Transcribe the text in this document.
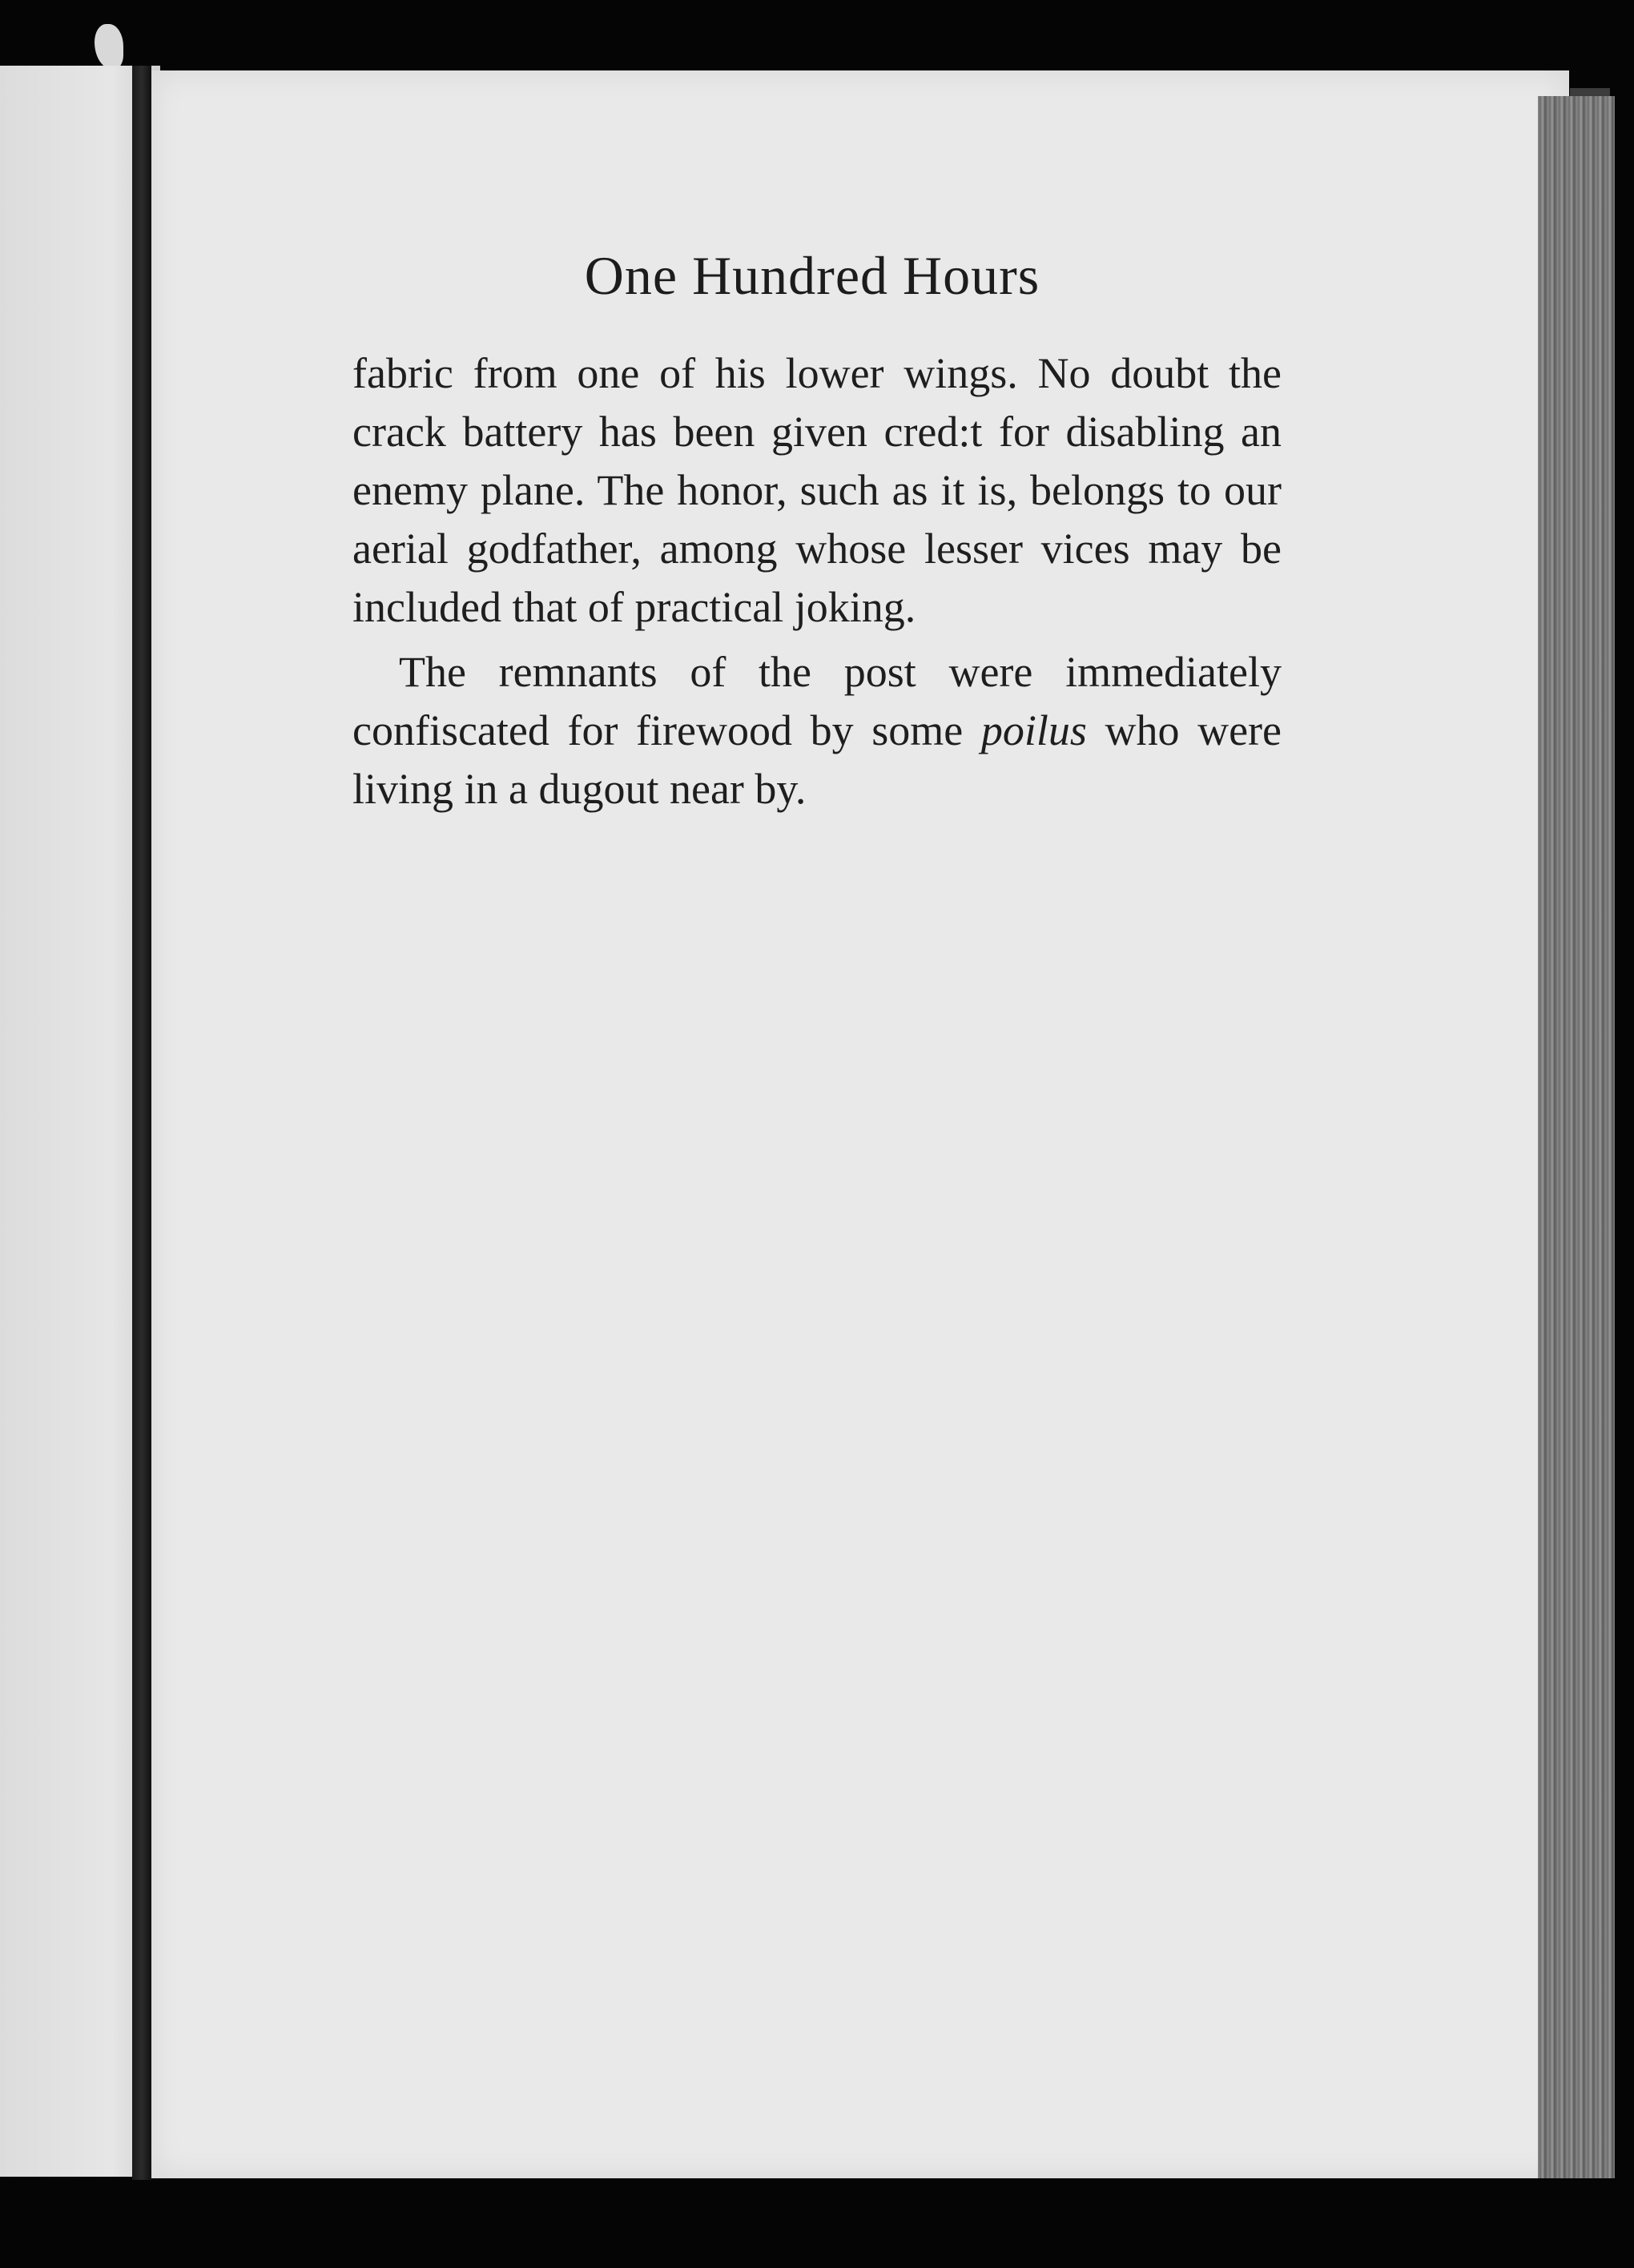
One Hundred Hours

fabric from one of his lower wings. No doubt the crack battery has been given cred:t for disabling an enemy plane. The honor, such as it is, belongs to our aerial godfather, among whose lesser vices may be included that of practical joking.

The remnants of the post were immediately confiscated for firewood by some poilus who were living in a dugout near by.
